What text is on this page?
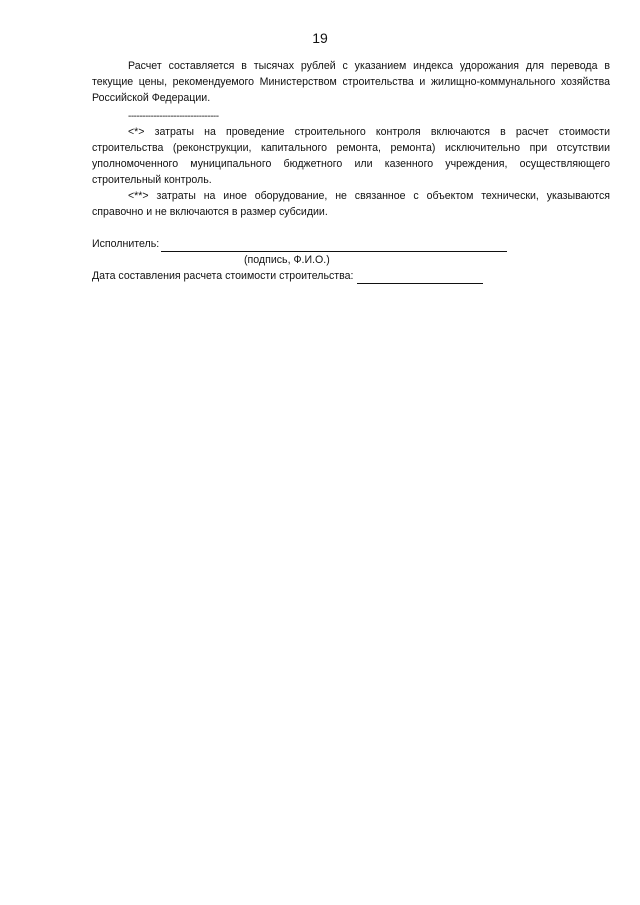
19

Расчет составляется в тысячах рублей с указанием индекса удорожания для перевода в текущие цены, рекомендуемого Министерством строительства и жилищно-коммунального хозяйства Российской Федерации.

--------------------------------

<*> затраты на проведение строительного контроля включаются в расчет стоимости строительства (реконструкции, капитального ремонта, ремонта) исключительно при отсутствии уполномоченного муниципального бюджетного или казенного учреждения, осуществляющего строительный контроль.

<**> затраты на иное оборудование, не связанное с объектом технически, указываются справочно и не включаются в размер субсидии.

Исполнитель:
(подпись, Ф.И.О.)
Дата составления расчета стоимости строительства:
